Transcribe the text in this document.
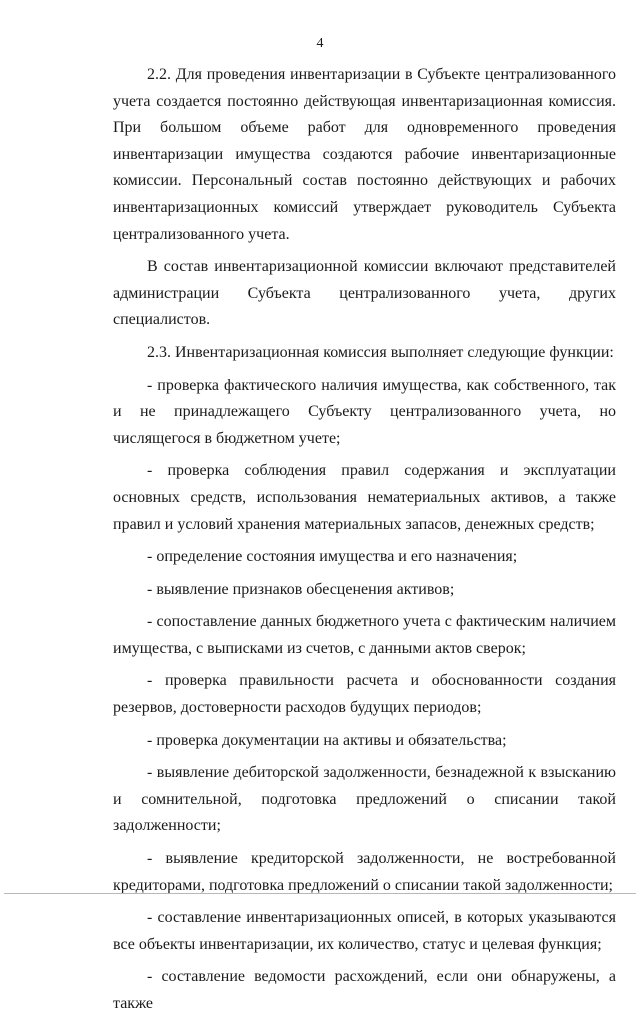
4

2.2. Для проведения инвентаризации в Субъекте централизованного учета создается постоянно действующая инвентаризационная комиссия. При большом объеме работ для одновременного проведения инвентаризации имущества создаются рабочие инвентаризационные комиссии. Персональный состав постоянно действующих и рабочих инвентаризационных комиссий утверждает руководитель Субъекта централизованного учета.

В состав инвентаризационной комиссии включают представителей администрации Субъекта централизованного учета, других специалистов.

2.3. Инвентаризационная комиссия выполняет следующие функции:

- проверка фактического наличия имущества, как собственного, так и не принадлежащего Субъекту централизованного учета, но числящегося в бюджетном учете;

- проверка соблюдения правил содержания и эксплуатации основных средств, использования нематериальных активов, а также правил и условий хранения материальных запасов, денежных средств;

- определение состояния имущества и его назначения;

- выявление признаков обесценения активов;

- сопоставление данных бюджетного учета с фактическим наличием имущества, с выписками из счетов, с данными актов сверок;

- проверка правильности расчета и обоснованности создания резервов, достоверности расходов будущих периодов;

- проверка документации на активы и обязательства;

- выявление дебиторской задолженности, безнадежной к взысканию и сомнительной, подготовка предложений о списании такой задолженности;

- выявление кредиторской задолженности, не востребованной кредиторами, подготовка предложений о списании такой задолженности;

- составление инвентаризационных описей, в которых указываются все объекты инвентаризации, их количество, статус и целевая функция;

- составление ведомости расхождений, если они обнаружены, а также
